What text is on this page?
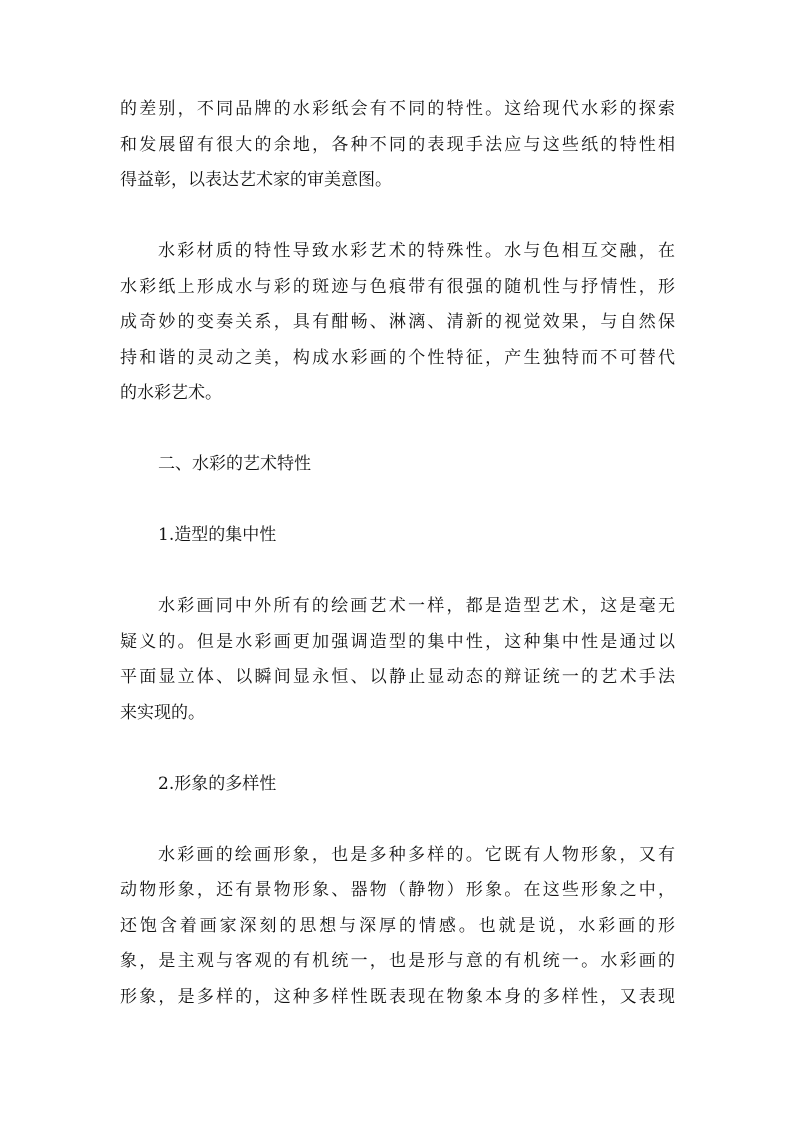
的差别，不同品牌的水彩纸会有不同的特性。这给现代水彩的探索
和发展留有很大的余地，各种不同的表现手法应与这些纸的特性相
得益彰，以表达艺术家的审美意图。
水彩材质的特性导致水彩艺术的特殊性。水与色相互交融，在
水彩纸上形成水与彩的斑迹与色痕带有很强的随机性与抒情性，形
成奇妙的变奏关系，具有酣畅、淋漓、清新的视觉效果，与自然保
持和谐的灵动之美，构成水彩画的个性特征，产生独特而不可替代
的水彩艺术。
二、水彩的艺术特性
1.造型的集中性
水彩画同中外所有的绘画艺术一样，都是造型艺术，这是毫无
疑义的。但是水彩画更加强调造型的集中性，这种集中性是通过以
平面显立体、以瞬间显永恒、以静止显动态的辩证统一的艺术手法
来实现的。
2.形象的多样性
水彩画的绘画形象，也是多种多样的。它既有人物形象，又有
动物形象，还有景物形象、器物（静物）形象。在这些形象之中，
还饱含着画家深刻的思想与深厚的情感。也就是说，水彩画的形
象，是主观与客观的有机统一，也是形与意的有机统一。水彩画的
形象，是多样的，这种多样性既表现在物象本身的多样性，又表现
